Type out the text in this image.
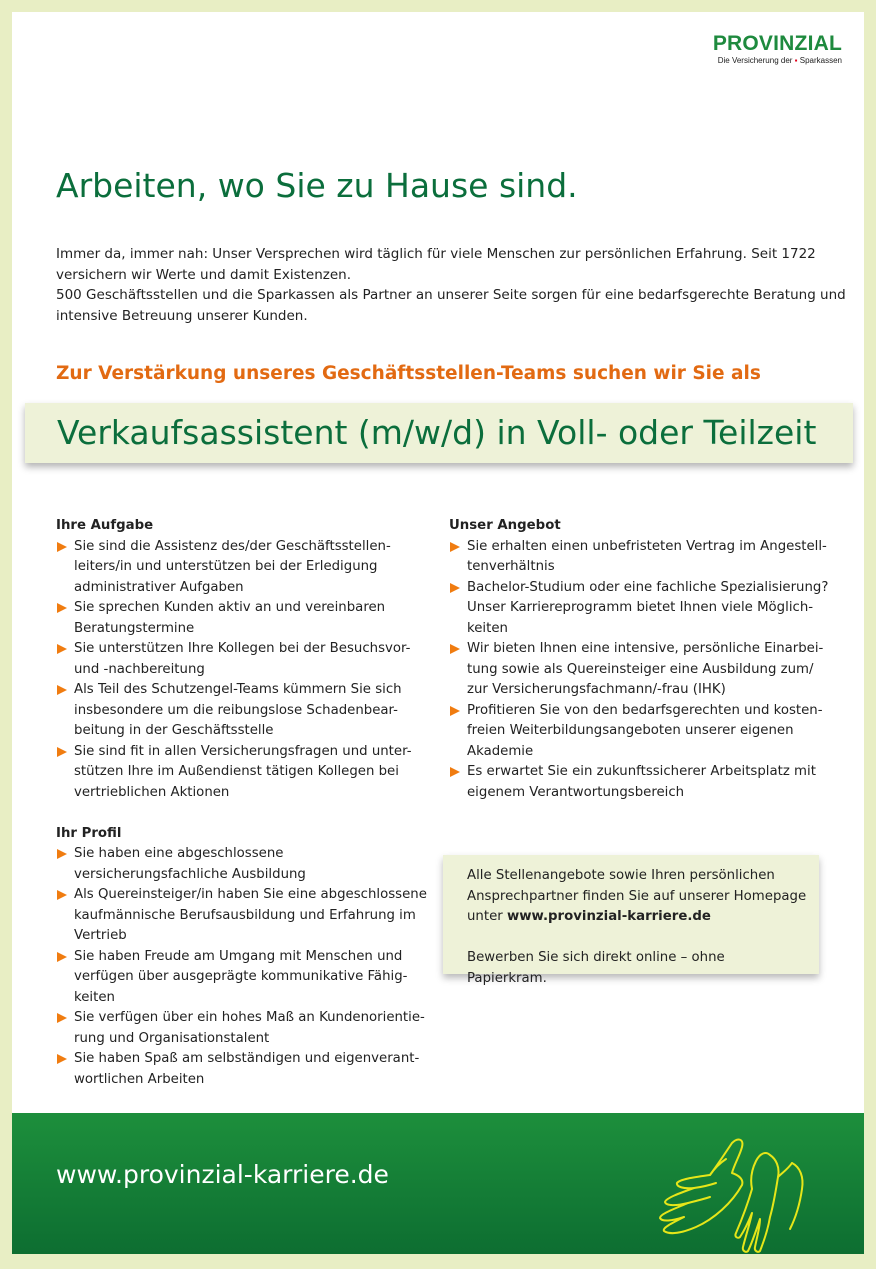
PROVINZIAL
Die Versicherung der ▪ Sparkassen
Arbeiten, wo Sie zu Hause sind.

Immer da, immer nah: Unser Versprechen wird täglich für viele Menschen zur persönlichen Erfahrung. Seit 1722 versichern wir Werte und damit Existenzen.

500 Geschäftsstellen und die Sparkassen als Partner an unserer Seite sorgen für eine bedarfsgerechte Beratung und intensive Betreuung unserer Kunden.

Zur Verstärkung unseres Geschäftsstellen-Teams suchen wir Sie als
Verkaufsassistent (m/w/d) in Voll- oder Teilzeit
Ihre Aufgabe
Sie sind die Assistenz des/der Geschäftsstellen-leiters/in und unterstützen bei der Erledigung administrativer Aufgaben
Sie sprechen Kunden aktiv an und vereinbaren Beratungstermine
Sie unterstützen Ihre Kollegen bei der Besuchsvor- und -nachbereitung
Als Teil des Schutzengel-Teams kümmern Sie sich insbesondere um die reibungslose Schadenbear-beitung in der Geschäftsstelle
Sie sind fit in allen Versicherungsfragen und unter-stützen Ihre im Außendienst tätigen Kollegen bei vertrieblichen Aktionen
Ihr Profil
Sie haben eine abgeschlossene versicherungsfachliche Ausbildung
Als Quereinsteiger/in haben Sie eine abgeschlossene kaufmännische Berufsausbildung und Erfahrung im Vertrieb
Sie haben Freude am Umgang mit Menschen und verfügen über ausgeprägte kommunikative Fähig-keiten
Sie verfügen über ein hohes Maß an Kundenorientie-rung und Organisationstalent
Sie haben Spaß am selbständigen und eigenverant-wortlichen Arbeiten
Unser Angebot
Sie erhalten einen unbefristeten Vertrag im Angestell-tenverhältnis
Bachelor-Studium oder eine fachliche Spezialisierung? Unser Karriereprogramm bietet Ihnen viele Möglich-keiten
Wir bieten Ihnen eine intensive, persönliche Einarbei-tung sowie als Quereinsteiger eine Ausbildung zum/ zur Versicherungsfachmann/-frau (IHK)
Profitieren Sie von den bedarfsgerechten und kosten-freien Weiterbildungsangeboten unserer eigenen Akademie
Es erwartet Sie ein zukunftssicherer Arbeitsplatz mit eigenem Verantwortungsbereich

Alle Stellenangebote sowie Ihren persönlichen Ansprechpartner finden Sie auf unserer Homepage unter www.provinzial-karriere.de

Bewerben Sie sich direkt online – ohne Papierkram.

www.provinzial-karriere.de
